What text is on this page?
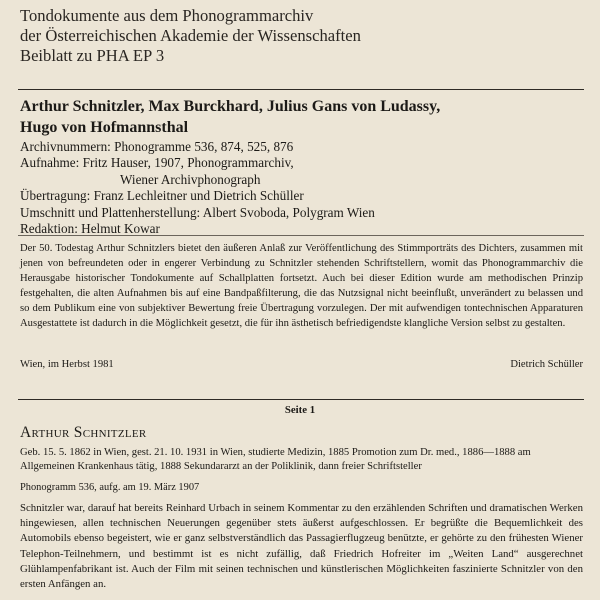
Tondokumente aus dem Phonogrammarchiv
der Österreichischen Akademie der Wissenschaften
Beiblatt zu PHA EP 3
Arthur Schnitzler, Max Burckhard, Julius Gans von Ludassy,
Hugo von Hofmannsthal
Archivnummern: Phonogramme 536, 874, 525, 876
Aufnahme: Fritz Hauser, 1907, Phonogrammarchiv,
Wiener Archivphonograph
Übertragung: Franz Lechleitner und Dietrich Schüller
Umschnitt und Plattenherstellung: Albert Svoboda, Polygram Wien
Redaktion: Helmut Kowar
Der 50. Todestag Arthur Schnitzlers bietet den äußeren Anlaß zur Veröffentlichung des Stimmporträts des Dichters, zusammen mit jenen von befreundeten oder in engerer Verbindung zu Schnitzler stehenden Schriftstellern, womit das Phonogrammarchiv die Herausgabe historischer Tondokumente auf Schallplatten fortsetzt. Auch bei dieser Edition wurde am methodischen Prinzip festgehalten, die alten Aufnahmen bis auf eine Bandpaßfilterung, die das Nutzsignal nicht beeinflußt, unverändert zu belassen und so dem Publikum eine von subjektiver Bewertung freie Übertragung vorzulegen. Der mit aufwendigen tontechnischen Apparaturen Ausgestattete ist dadurch in die Möglichkeit gesetzt, die für ihn ästhetisch befriedigendste klangliche Version selbst zu gestalten.
Wien, im Herbst 1981	Dietrich Schüller
Seite 1
Arthur Schnitzler
Geb. 15. 5. 1862 in Wien, gest. 21. 10. 1931 in Wien, studierte Medizin, 1885 Promotion zum Dr. med., 1886—1888 am Allgemeinen Krankenhaus tätig, 1888 Sekundararzt an der Poliklinik, dann freier Schriftsteller
Phonogramm 536, aufg. am 19. März 1907
Schnitzler war, darauf hat bereits Reinhard Urbach in seinem Kommentar zu den erzählenden Schriften und dramatischen Werken hingewiesen, allen technischen Neuerungen gegenüber stets äußerst aufgeschlossen. Er begrüßte die Bequemlichkeit des Automobils ebenso begeistert, wie er ganz selbstverständlich das Passagierflugzeug benützte, er gehörte zu den frühesten Wiener Telephon-Teilnehmern, und bestimmt ist es nicht zufällig, daß Friedrich Hofreiter im „Weiten Land“ ausgerechnet Glühlampenfabrikant ist. Auch der Film mit seinen technischen und künstlerischen Möglichkeiten faszinierte Schnitzler von den ersten Anfängen an.
